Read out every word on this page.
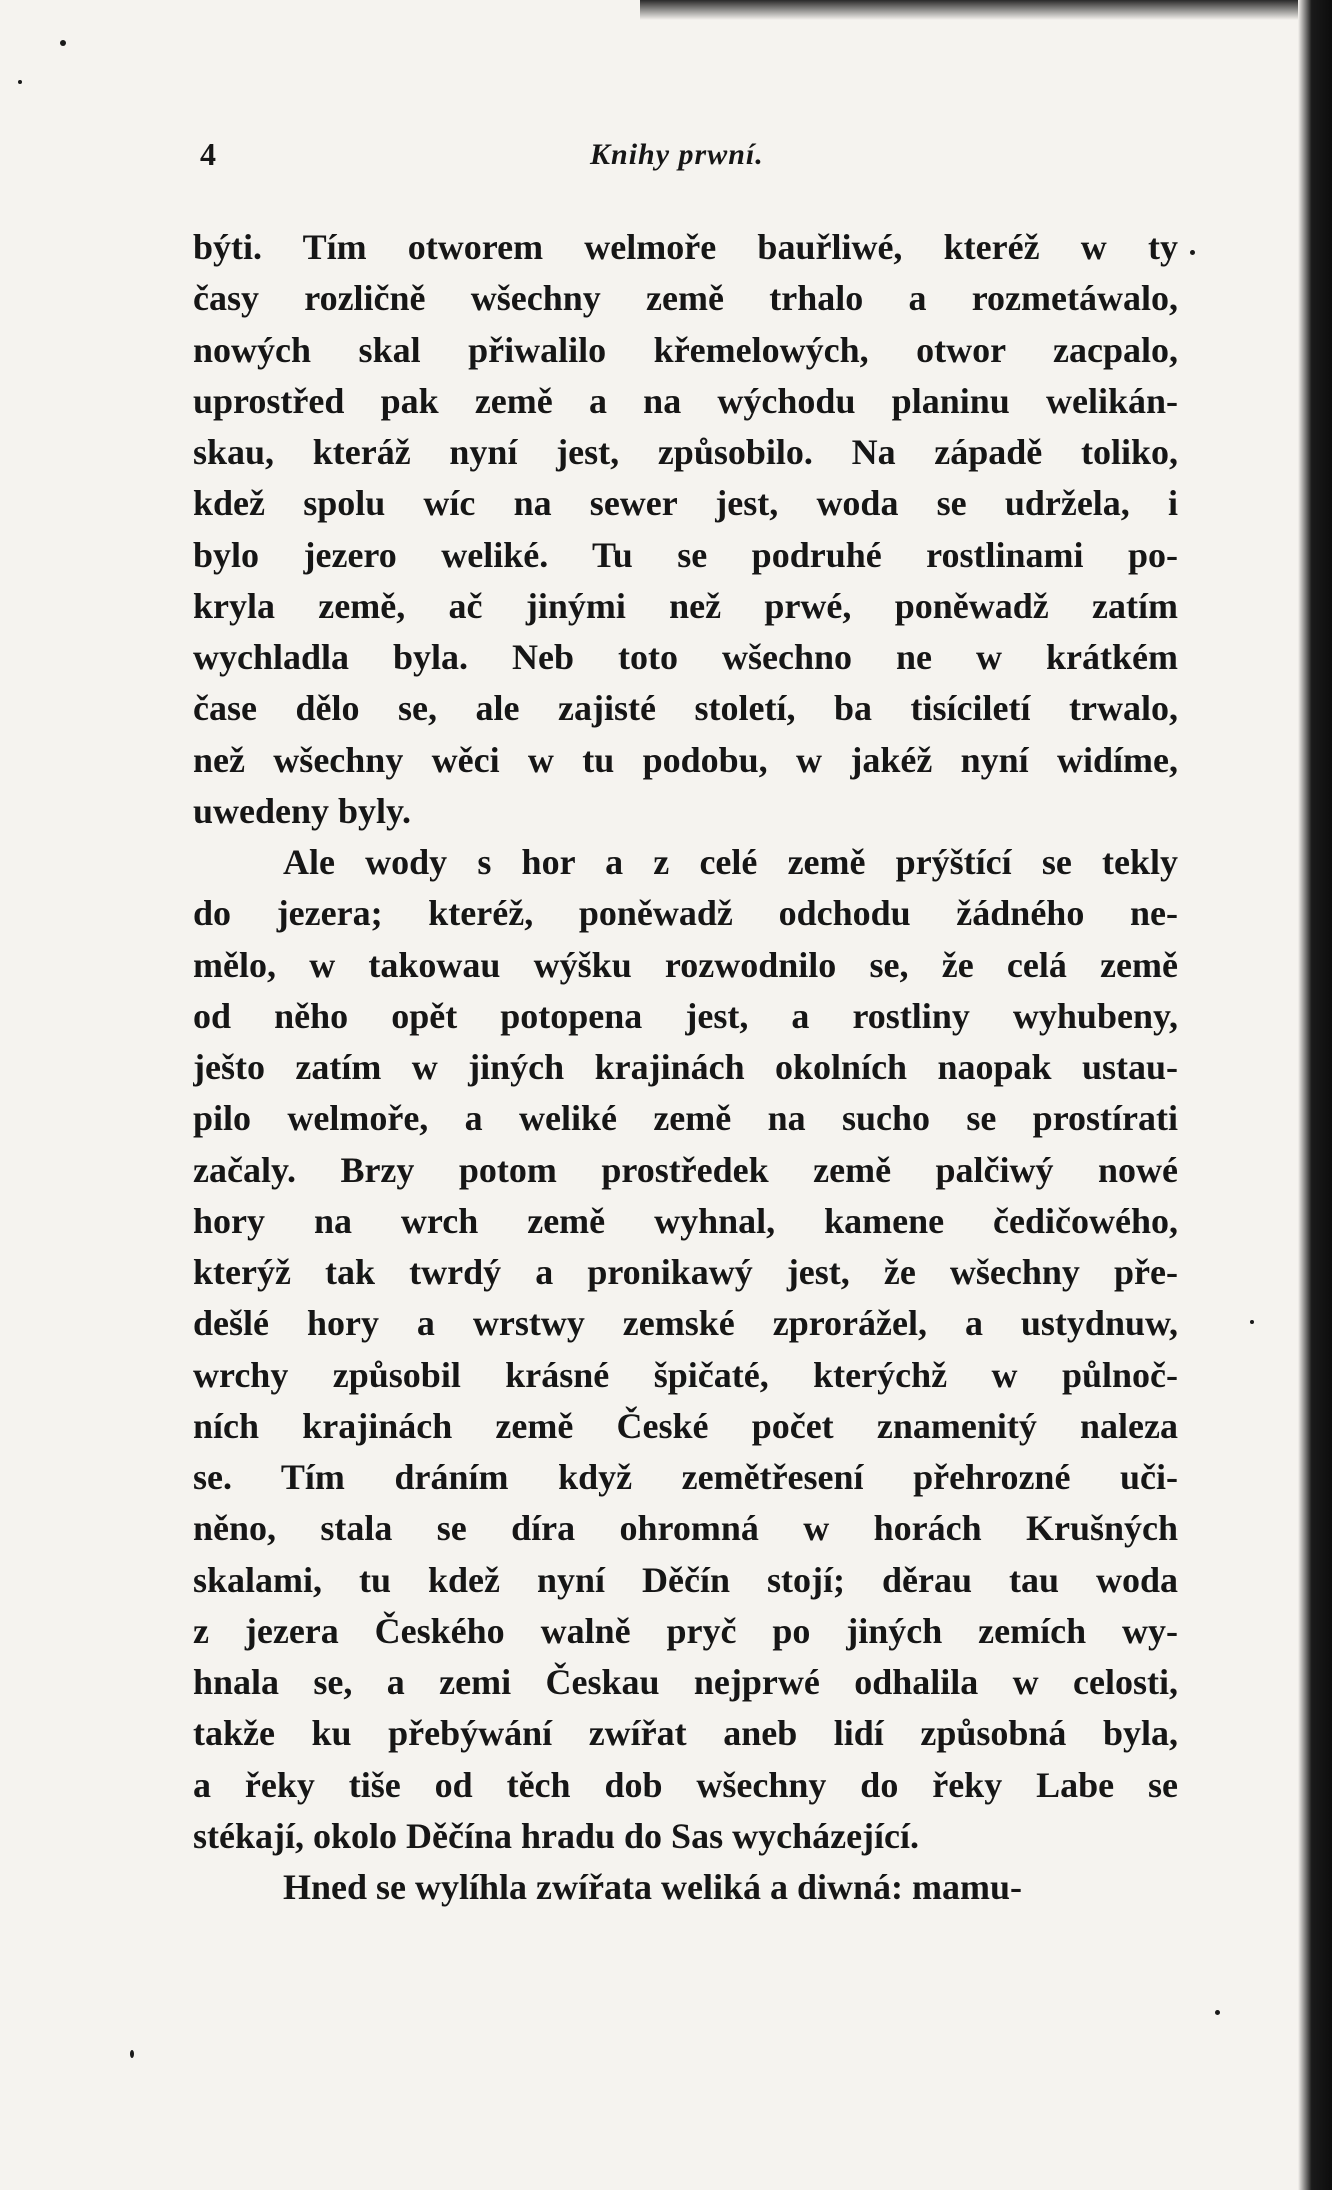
4	Knihy prwní.
býti. Tím otworem welmoře bauřliwé, kteréž w ty
časy rozličně wšechny země trhalo a rozmetáwalo,
nowých skal přiwalilo křemelowých, otwor zacpalo,
uprostřed pak země a na wýchodu planinu welikán-
skau, kteráž nyní jest, způsobilo. Na západě toliko,
kdež spolu wíc na sewer jest, woda se udržela, i
bylo jezero weliké. Tu se podruhé rostlinami po-
kryla země, ač jinými než prwé, poněwadž zatím
wychladla byla. Neb toto wšechno ne w krátkém
čase dělo se, ale zajisté století, ba tisíciletí trwalo,
než wšechny wěci w tu podobu, w jakéž nyní widíme,
uwedeny byly.
Ale wody s hor a z celé země prýštící se tekly
do jezera; kteréž, poněwadž odchodu žádného ne-
mělo, w takowau wýšku rozwodnilo se, že celá země
od něho opět potopena jest, a rostliny wyhubeny,
ješto zatím w jiných krajinách okolních naopak ustau-
pilo welmoře, a weliké země na sucho se prostírati
začaly. Brzy potom prostředek země palčiwý nowé
hory na wrch země wyhnal, kamene čedičowého,
kterýž tak twrdý a pronikawý jest, že wšechny pře-
dešlé hory a wrstwy zemské zprorážel, a ustydnuw,
wrchy způsobil krásné špičaté, kterýchž w půlnoč-
ních krajinách země České počet znamenitý naleza
se. Tím dráním když zemětřesení přehrozné uči-
něno, stala se díra ohromná w horách Krušných
skalami, tu kdež nyní Děčín stojí; děrau tau woda
z jezera Českého walně pryč po jiných zemích wy-
hnala se, a zemi Českau nejprwé odhalila w celosti,
takže ku přebýwání zwířat aneb lidí způsobná byla,
a řeky tiše od těch dob wšechny do řeky Labe se
stékají, okolo Děčína hradu do Sas wycházející.
Hned se wylíhla zwířata weliká a diwná: mamu-
